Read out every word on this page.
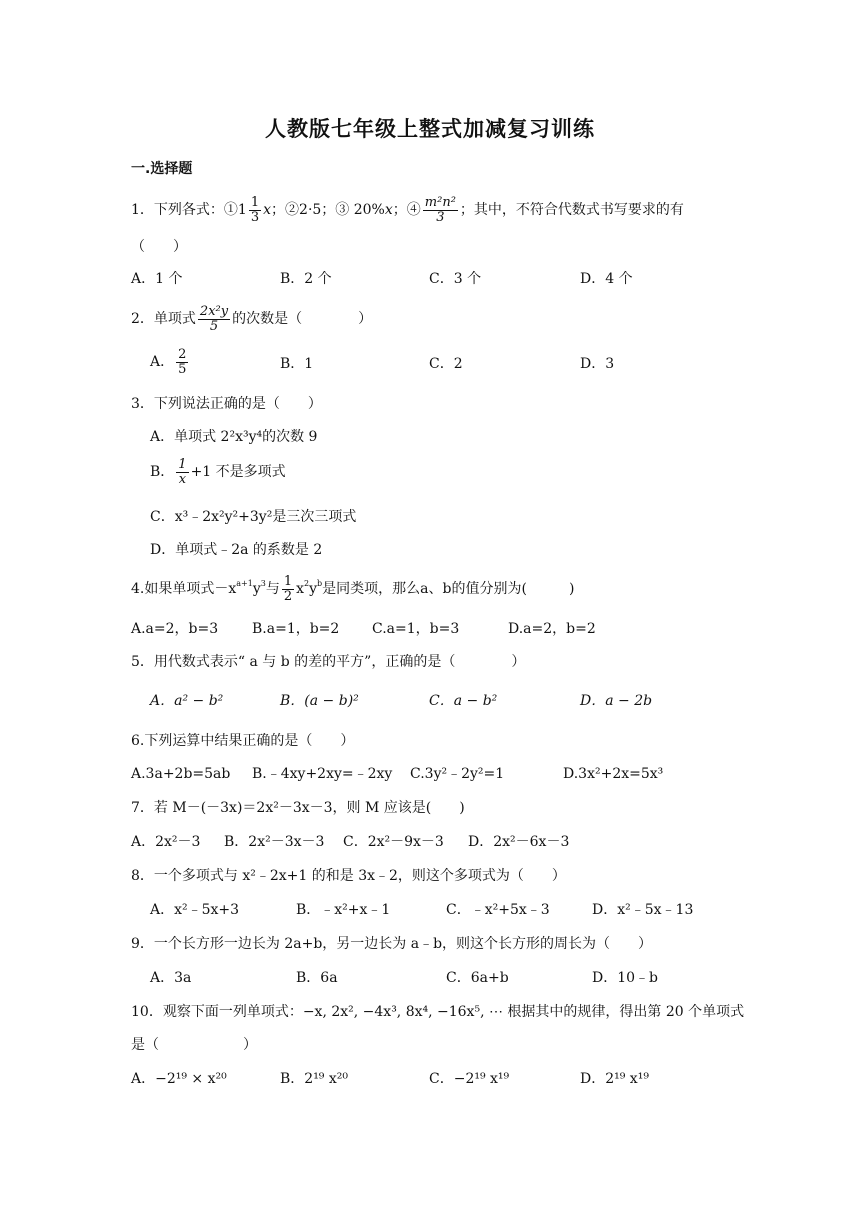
人教版七年级上整式加减复习训练
一.选择题
1．下列各式：① $1 \frac{1}{3}$ x；②2·5；③ 20%x；④ $\frac{\text{m²n²}}{3}$ ；其中，不符合代数式书写要求的有
（　　）
A．1 个	B．2 个	C．3 个	D．4 个
2．单项式 $\frac{\text{2x²y}}{5}$ 的次数是（　　　　）
A． $\frac{2}{5}$	B．1	C．2	D．3
3．下列说法正确的是（　　）
A．单项式 2²x³y⁴的次数 9
B． $\frac{1}{x} +1$ 不是多项式
C．x³﹣2x²y²+3y²是三次三项式
D．单项式﹣2a 的系数是 2
4.如果单项式$-x^{a+1}y^3$与 $\frac{1}{2} x^2y^b$是同类项，那么a、b的值分别为(　　　)
A.a=2，b=3 B.a=1，b=2 C.a=1，b=3	D.a=2，b=2
5．用代数式表示“ a 与 b 的差的平方”，正确的是（　　　　）
A．a² − b²	B．(a − b)²	C．a − b²	D．a − 2b
6.下列运算中结果正确的是（　　）
A.3a+2b=5ab B.﹣4xy+2xy=﹣2xy C.3y²﹣2y²=1	D.3x²+2x=5x³
7．若 M－(－3x)＝2x²－3x－3，则 M 应该是(　　)
A．2x²－3 B．2x²－3x－3 C．2x²－9x－3 D．2x²－6x－3
8．一个多项式与 x²﹣2x+1 的和是 3x﹣2，则这个多项式为（　　）
A．x²﹣5x+3	B．﹣x²+x﹣1	C．﹣x²+5x﹣3	D．x²﹣5x﹣13
9．一个长方形一边长为 2a+b，另一边长为 a﹣b，则这个长方形的周长为（　　）
A．3a	B．6a	C．6a+b	D．10﹣b
10．观察下面一列单项式：−x, 2x², −4x³, 8x⁴, −16x⁵, ⋯ 根据其中的规律，得出第 20 个单项式
是（　　　　　　）
A．−2¹⁹ × x²⁰	B．2¹⁹ x²⁰	C．−2¹⁹ x¹⁹	D．2¹⁹ x¹⁹
